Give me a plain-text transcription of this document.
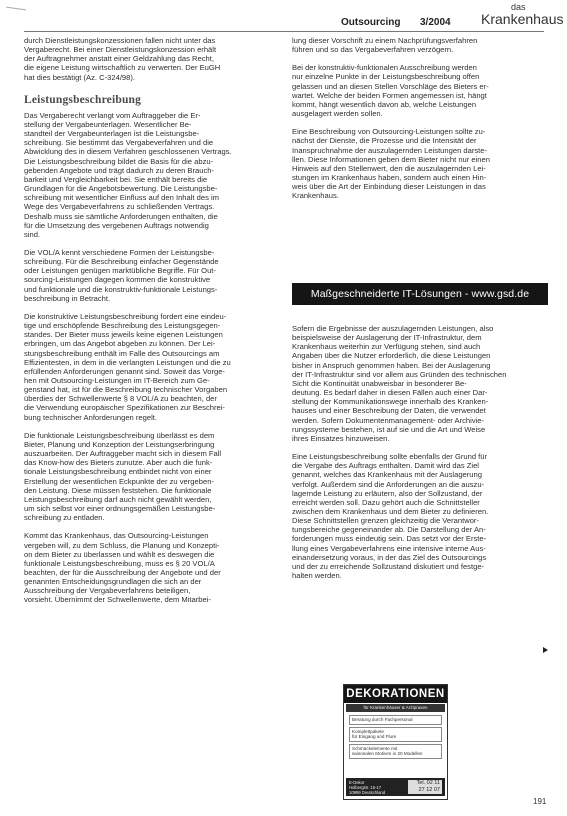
Outsourcing 3/2004
das
Krankenhaus

durch Dienstleistungskonzessionen fallen nicht unter das
Vergaberecht. Bei einer Dienstleistungskonzession erhält
der Auftragnehmer anstatt einer Geldzahlung das Recht,
die eigene Leistung wirtschaftlich zu verwerten. Der EuGH
hat dies bestätigt (Az. C-324/98).

Leistungsbeschreibung

Das Vergaberecht verlangt vom Auftraggeber die Er-
stellung der Vergabeunterlagen. Wesentlicher Be-
standteil der Vergabeunterlagen ist die Leistungsbe-
schreibung. Sie bestimmt das Vergabeverfahren und die
Abwicklung des in diesem Verfahren geschlossenen Vertrags.
Die Leistungsbeschreibung bildet die Basis für die abzu-
gebenden Angebote und trägt dadurch zu deren Brauch-
barkeit und Vergleichbarkeit bei. Sie enthält bereits die
Grundlagen für die Angebotsbewertung. Die Leistungsbe-
schreibung mit wesentlicher Einfluss auf den Inhalt des im
Wege des Vergabeverfahrens zu schließenden Vertrags.
Deshalb muss sie sämtliche Anforderungen enthalten, die
für die Umsetzung des vergebenen Auftrags notwendig
sind.

Die VOL/A kennt verschiedene Formen der Leistungsbe-
schreibung. Für die Beschreibung einfacher Gegenstände
oder Leistungen genügen marktübliche Begriffe. Für Out-
sourcing-Leistungen dagegen kommen die konstruktive
und funktionale und die konstruktiv-funktionale Leistungs-
beschreibung in Betracht.

Die konstruktive Leistungsbeschreibung fordert eine eindeu-
tige und erschöpfende Beschreibung des Leistungsgegen-
standes. Der Bieter muss jeweils keine eigenen Leistungen
erbringen, um das Angebot abgeben zu können. Der Lei-
stungsbeschreibung enthält im Falle des Outsourcings am
Effizientesten, in dem in die verlangten Leistungen und die zu
erfüllenden Anforderungen genannt sind. Soweit das Vorge-
hen mit Outsourcing-Leistungen im IT-Bereich zum Ge-
genstand hat, ist für die Beschreibung technischer Vorgaben
überdies der Schwellenwerte § 8 VOL/A zu beachten, der
die Verwendung europäischer Spezifikationen zur Beschrei-
bung technischer Anforderungen regelt.

Die funktionale Leistungsbeschreibung überlässt es dem
Bieter, Planung und Konzeption der Leistungserbringung
auszuarbeiten. Der Auftraggeber macht sich in diesem Fall
das Know-how des Bieters zunutze. Aber auch die funk-
tionale Leistungsbeschreibung entbindet nicht von einer
Erstellung der wesentlichen Eckpunkte der zu vergeben-
den Leistung. Diese müssen feststehen. Die funktionale
Leistungsbeschreibung darf auch nicht gewählt werden,
um sich selbst vor einer ordnungsgemäßen Leistungsbe-
schreibung zu entladen.

Kommt das Krankenhaus, das Outsourcing-Leistungen
vergeben will, zu dem Schluss, die Planung und Konzepti-
on dem Bieter zu überlassen und wählt es deswegen die
funktionale Leistungsbeschreibung, muss es § 20 VOL/A
beachten, der für die Ausschreibung der Angebote und der
genannten Entscheidungsgrundlagen die sich an der
Ausschreibung der Vergabeverfahrens beteiligen,
vorsieht. Übernimmt der Schwellenwerte, dem Mitarbei-

lung dieser Vorschrift zu einem Nachprüfungsverfahren
führen und so das Vergabeverfahren verzögern.

Bei der konstruktiv-funktionalen Ausschreibung werden
nur einzelne Punkte in der Leistungsbeschreibung offen
gelassen und an diesen Stellen Vorschläge des Bieters er-
wartet. Welche der beiden Formen angemessen ist, hängt
kommt, hängt wesentlich davon ab, welche Leistungen
ausgelagert werden sollen.

Eine Beschreibung von Outsourcing-Leistungen sollte zu-
nächst der Dienste, die Prozesse und die Intensität der
Inanspruchnahme der auszulagernden Leistungen darste-
llen. Diese Informationen geben dem Bieter nicht nur einen
Hinweis auf den Stellenwert, den die auszulagernden Lei-
stungen im Krankenhaus haben, sondern auch einen Hin-
weis über die Art der Einbindung dieser Leistungen in das
Krankenhaus.

Maßgeschneiderte IT-Lösungen - www.gsd.de

Sofern die Ergebnisse der auszulagernden Leistungen, also
beispielsweise der Auslagerung der IT-Infrastruktur, dem
Krankenhaus weiterhin zur Verfügung stehen, sind auch
Angaben über die Nutzer erforderlich, die diese Leistungen
bisher in Anspruch genommen haben. Bei der Auslagerung
der IT-Infrastruktur sind vor allem aus Gründen des technischen
Sicht die Kontinuität unabweisbar in besonderer Be-
deutung. Es bedarf daher in diesen Fällen auch einer Dar-
stellung der Kommunikationswege innerhalb des Kranken-
hauses und einer Beschreibung der Daten, die verwendet
werden. Sofern Dokumentenmanagement- oder Archivie-
rungssysteme bestehen, ist auf sie und die Art und Weise
ihres Einsatzes hinzuweisen.

Eine Leistungsbeschreibung sollte ebenfalls der Grund für
die Vergabe des Auftrags enthalten. Damit wird das Ziel
genannt, welches das Krankenhaus mit der Auslagerung
verfolgt. Außerdem sind die Anforderungen an die auszu-
lagernde Leistung zu erläutern, also der Sollzustand, der
erreicht werden soll. Dazu gehört auch die Schnittsteller
zwischen dem Krankenhaus und dem Bieter zu definieren.
Diese Schnittstellen grenzen gleichzeitig die Verantwor-
tungsbereiche gegeneinander ab. Die Darstellung der An-
forderungen muss eindeutig sein. Das setzt vor der Erste-
llung eines Vergabeverfahrens eine intensive interne Aus-
einandersetzung voraus, in der das Ziel des Outsourcings
und der zu erreichende Sollzustand diskutiert und festge-
halten werden.

DEKORATIONEN
für Krankenhäuser & Arztpraxen
Beratung durch Fachpersonal
Komplettpakete
für Eingang und Flure
Schmückelemente mit
saisonalen Motiven in 20 Modellen
E-Dekor
Holbergstr. 15-17
10999 Deutschland
Tel. 02 11
27 12 07
191
